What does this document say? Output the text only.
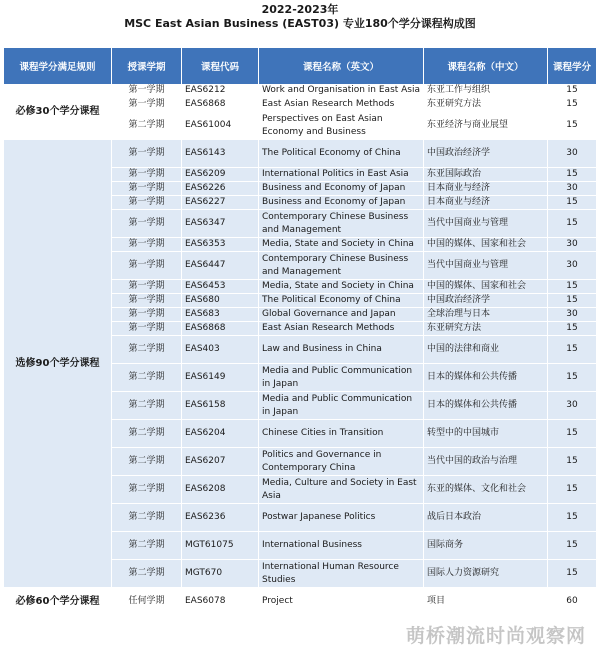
2022-2023年
MSC East Asian Business (EAST03) 专业180个学分课程构成图
课程学分满足规则	授课学期	课程代码	课程名称（英文）	课程名称（中文）	课程学分
必修30个学分课程	第一学期	EAS6212	Work and Organisation in East Asia	东亚工作与组织	15
	第一学期	EAS6868	East Asian Research Methods	东亚研究方法	15
	第二学期	EAS61004	Perspectives on East Asian Economy and Business	东亚经济与商业展望	15
选修90个学分课程	第一学期	EAS6143	The Political Economy of China	中国政治经济学	30
	第一学期	EAS6209	International Politics in East Asia	东亚国际政治	15
	第一学期	EAS6226	Business and Economy of Japan	日本商业与经济	30
	第一学期	EAS6227	Business and Economy of Japan	日本商业与经济	15
	第一学期	EAS6347	Contemporary Chinese Business and Management	当代中国商业与管理	15
	第一学期	EAS6353	Media, State and Society in China	中国的媒体、国家和社会	30
	第一学期	EAS6447	Contemporary Chinese Business and Management	当代中国商业与管理	30
	第一学期	EAS6453	Media, State and Society in China	中国的媒体、国家和社会	15
	第一学期	EAS680	The Political Economy of China	中国政治经济学	15
	第一学期	EAS683	Global Governance and Japan	全球治理与日本	30
	第一学期	EAS6868	East Asian Research Methods	东亚研究方法	15
	第二学期	EAS403	Law and Business in China	中国的法律和商业	15
	第二学期	EAS6149	Media and Public Communication in Japan	日本的媒体和公共传播	15
	第二学期	EAS6158	Media and Public Communication in Japan	日本的媒体和公共传播	30
	第二学期	EAS6204	Chinese Cities in Transition	转型中的中国城市	15
	第二学期	EAS6207	Politics and Governance in Contemporary China	当代中国的政治与治理	15
	第二学期	EAS6208	Media, Culture and Society in East Asia	东亚的媒体、文化和社会	15
	第二学期	EAS6236	Postwar Japanese Politics	战后日本政治	15
	第二学期	MGT61075	International Business	国际商务	15
	第二学期	MGT670	International Human Resource Studies	国际人力资源研究	15
必修60个学分课程	任何学期	EAS6078	Project	项目	60
萌桥潮流时尚观察网
